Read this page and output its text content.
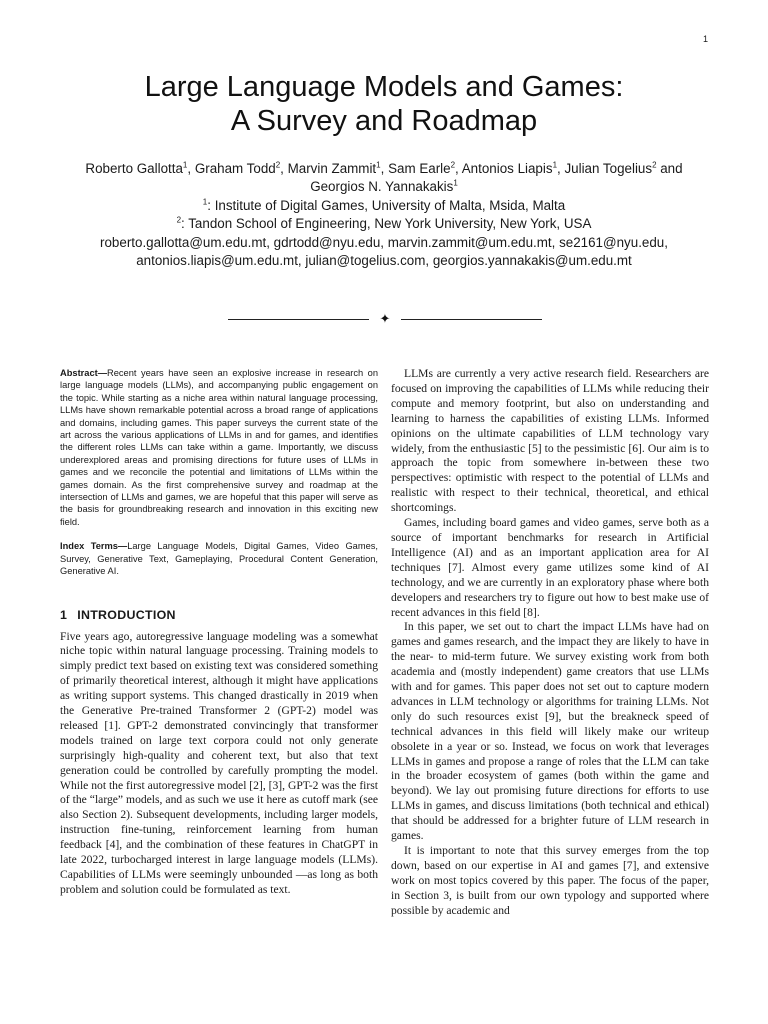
1
Large Language Models and Games:
A Survey and Roadmap
Roberto Gallotta$^1$, Graham Todd$^2$, Marvin Zammit$^1$, Sam Earle$^2$, Antonios Liapis$^1$, Julian Togelius$^2$ and
Georgios N. Yannakakis$^1$
$^1$: Institute of Digital Games, University of Malta, Msida, Malta
$^2$: Tandon School of Engineering, New York University, New York, USA
roberto.gallotta@um.edu.mt, gdrtodd@nyu.edu, marvin.zammit@um.edu.mt, se2161@nyu.edu,
antonios.liapis@um.edu.mt, julian@togelius.com, georgios.yannakakis@um.edu.mt
✦

Abstract—Recent years have seen an explosive increase in research on large language models (LLMs), and accompanying public engagement on the topic. While starting as a niche area within natural language processing, LLMs have shown remarkable potential across a broad range of applications and domains, including games. This paper surveys the current state of the art across the various applications of LLMs in and for games, and identifies the different roles LLMs can take within a game. Importantly, we discuss underexplored areas and promising directions for future uses of LLMs in games and we reconcile the potential and limitations of LLMs within the games domain. As the first comprehensive survey and roadmap at the intersection of LLMs and games, we are hopeful that this paper will serve as the basis for groundbreaking research and innovation in this exciting new field.

Index Terms—Large Language Models, Digital Games, Video Games, Survey, Generative Text, Gameplaying, Procedural Content Generation, Generative AI.

1 INTRODUCTION

Five years ago, autoregressive language modeling was a somewhat niche topic within natural language processing. Training models to simply predict text based on existing text was considered something of primarily theoretical interest, although it might have applications as writing support systems. This changed drastically in 2019 when the Generative Pre-trained Transformer 2 (GPT-2) model was released [1]. GPT-2 demonstrated convincingly that transformer models trained on large text corpora could not only generate surprisingly high-quality and coherent text, but also that text generation could be controlled by carefully prompting the model. While not the first autoregressive model [2], [3], GPT-2 was the first of the “large” models, and as such we use it here as cutoff mark (see also Section 2). Subsequent developments, including larger models, instruction fine-tuning, reinforcement learning from human feedback [4], and the combination of these features in ChatGPT in late 2022, turbocharged interest in large language models (LLMs). Capabilities of LLMs were seemingly unbounded —as long as both problem and solution could be formulated as text.

LLMs are currently a very active research field. Researchers are focused on improving the capabilities of LLMs while reducing their compute and memory footprint, but also on understanding and learning to harness the capabilities of existing LLMs. Informed opinions on the ultimate capabilities of LLM technology vary widely, from the enthusiastic [5] to the pessimistic [6]. Our aim is to approach the topic from somewhere in-between these two perspectives: optimistic with respect to the potential of LLMs and realistic with respect to their technical, theoretical, and ethical shortcomings.

Games, including board games and video games, serve both as a source of important benchmarks for research in Artificial Intelligence (AI) and as an important application area for AI techniques [7]. Almost every game utilizes some kind of AI technology, and we are currently in an exploratory phase where both developers and researchers try to figure out how to best make use of recent advances in this field [8].

In this paper, we set out to chart the impact LLMs have had on games and games research, and the impact they are likely to have in the near- to mid-term future. We survey existing work from both academia and (mostly independent) game creators that use LLMs with and for games. This paper does not set out to capture modern advances in LLM technology or algorithms for training LLMs. Not only do such resources exist [9], but the breakneck speed of technical advances in this field will likely make our writeup obsolete in a year or so. Instead, we focus on work that leverages LLMs in games and propose a range of roles that the LLM can take in the broader ecosystem of games (both within the game and beyond). We lay out promising future directions for efforts to use LLMs in games, and discuss limitations (both technical and ethical) that should be addressed for a brighter future of LLM research in games.

It is important to note that this survey emerges from the top down, based on our expertise in AI and games [7], and extensive work on most topics covered by this paper. The focus of the paper, in Section 3, is built from our own typology and supported where possible by academic and
